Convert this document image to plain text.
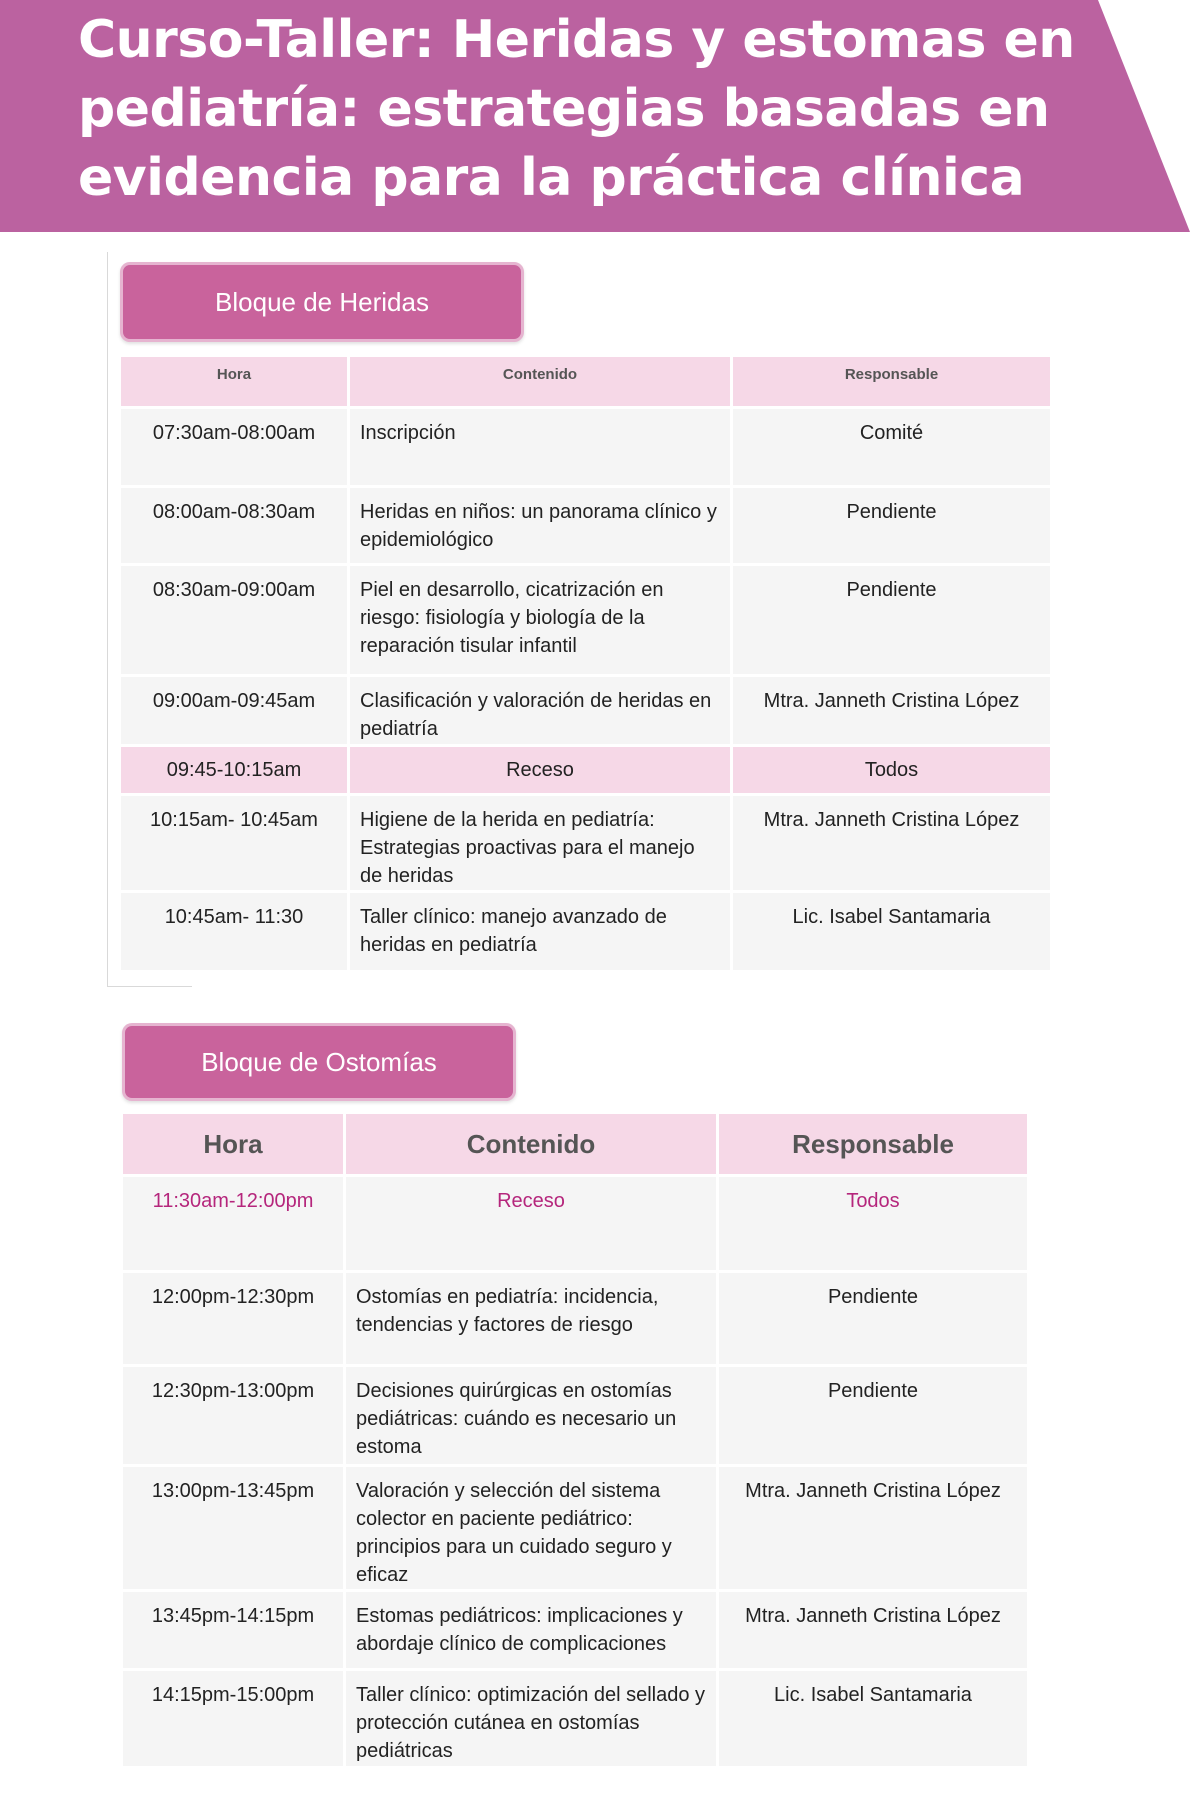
Curso-Taller: Heridas y estomas en pediatría: estrategias basadas en evidencia para la práctica clínica
Bloque de Heridas
Hora	Contenido	Responsable
07:30am-08:00am	Inscripción	Comité
08:00am-08:30am	Heridas en niños: un panorama clínico y epidemiológico	Pendiente
08:30am-09:00am	Piel en desarrollo, cicatrización en riesgo: fisiología y biología de la reparación tisular infantil	Pendiente
09:00am-09:45am	Clasificación y valoración de heridas en pediatría	Mtra. Janneth Cristina López
09:45-10:15am	Receso	Todos
10:15am- 10:45am	Higiene de la herida en pediatría: Estrategias proactivas para el manejo de heridas	Mtra. Janneth Cristina López
10:45am- 11:30	Taller clínico: manejo avanzado de heridas en pediatría	Lic. Isabel Santamaria
Bloque de Ostomías
Hora	Contenido	Responsable
11:30am-12:00pm	Receso	Todos
12:00pm-12:30pm	Ostomías en pediatría: incidencia, tendencias y factores de riesgo	Pendiente
12:30pm-13:00pm	Decisiones quirúrgicas en ostomías pediátricas: cuándo es necesario un estoma	Pendiente
13:00pm-13:45pm	Valoración y selección del sistema colector en paciente pediátrico: principios para un cuidado seguro y eficaz	Mtra. Janneth Cristina López
13:45pm-14:15pm	Estomas pediátricos: implicaciones y abordaje clínico de complicaciones	Mtra. Janneth Cristina López
14:15pm-15:00pm	Taller clínico: optimización del sellado y protección cutánea en ostomías pediátricas	Lic. Isabel Santamaria
